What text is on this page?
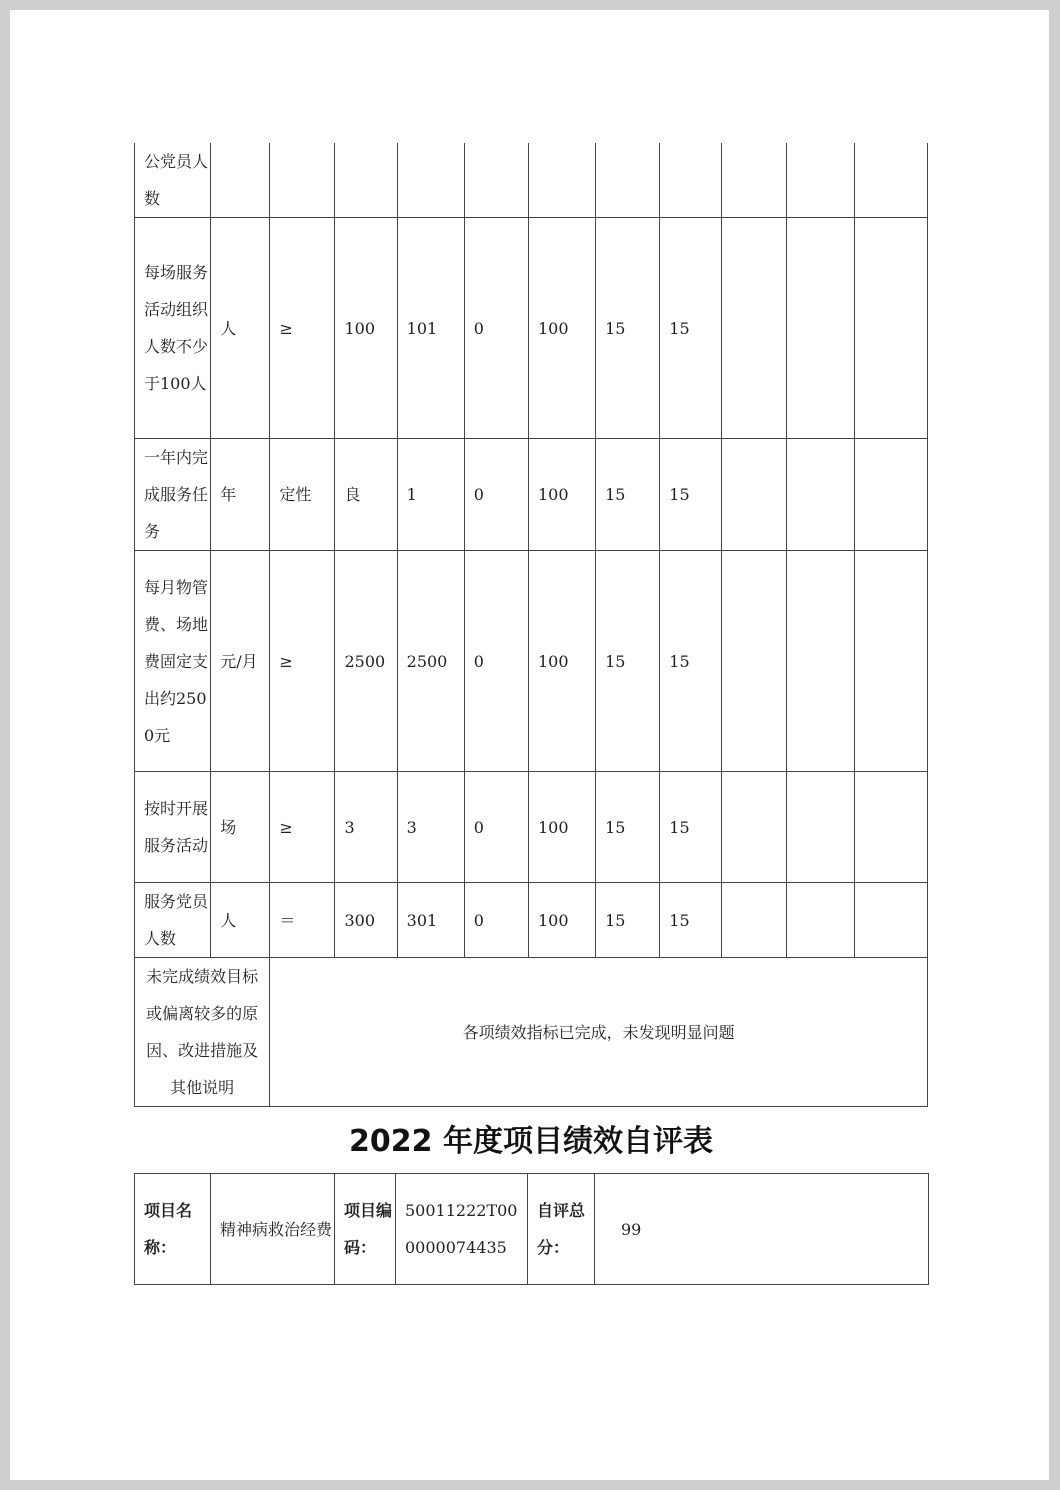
公党员人数											
每场服务活动组织人数不少于100人	人	≥	100	101	0	100	15	15			
一年内完成服务任务	年	定性	良	1	0	100	15	15			
每月物管费、场地费固定支出约2500元	元/月	≥	2500	2500	0	100	15	15			
按时开展服务活动	场	≥	3	3	0	100	15	15			
服务党员人数	人	＝	300	301	0	100	15	15			
未完成绩效目标或偏离较多的原因、改进措施及其他说明		各项绩效指标已完成，未发现明显问题									
2022 年度项目绩效自评表
项目名称：	精神病救治经费	项目编码：	50011222T000000074435	自评总分：	99
